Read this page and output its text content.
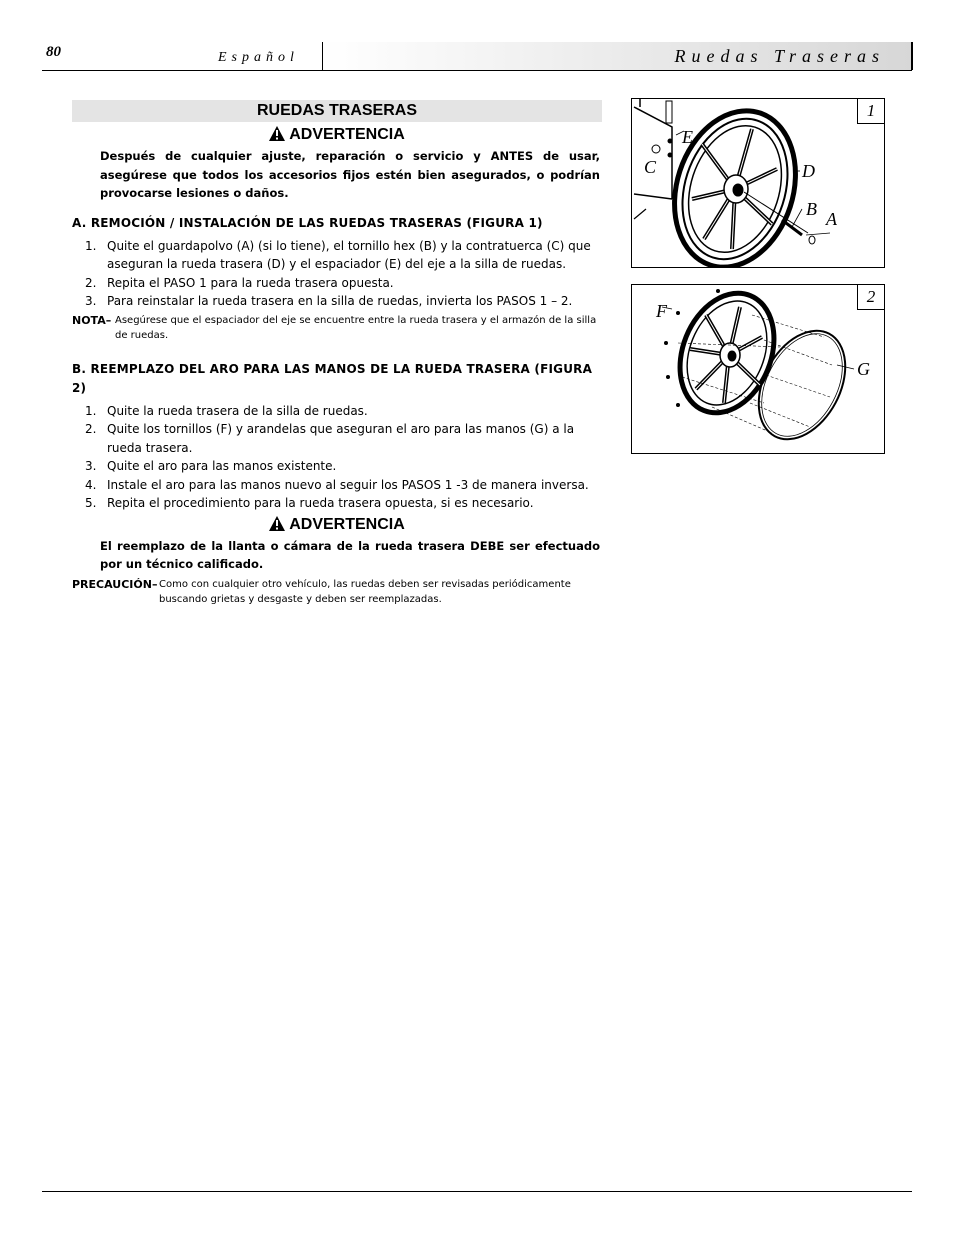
80	Español	Ruedas Traseras
RUEDAS TRASERAS
ADVERTENCIA
Después de cualquier ajuste, reparación o servicio y ANTES de usar, asegúrese que todos los accesorios fijos estén bien asegurados, o podrían provocarse lesiones o daños.
A. REMOCIÓN / INSTALACIÓN DE LAS RUEDAS TRASERAS (FIGURA 1)
1. Quite el guardapolvo (A) (si lo tiene), el tornillo hex (B) y la contratuerca (C) que aseguran la rueda trasera (D) y el espaciador (E) del eje a la silla de ruedas.
2. Repita el PASO 1 para la rueda trasera opuesta.
3. Para reinstalar la rueda trasera en la silla de ruedas, invierta los PASOS 1 – 2.
NOTA– Asegúrese que el espaciador del eje se encuentre entre la rueda trasera y el armazón de la silla de ruedas.
B. REEMPLAZO DEL ARO PARA LAS MANOS DE LA RUEDA TRASERA (FIGURA 2)
1. Quite la rueda trasera de la silla de ruedas.
2. Quite los tornillos (F) y arandelas que aseguran el aro para las manos (G) a la rueda trasera.
3. Quite el aro para las manos existente.
4. Instale el aro para las manos nuevo al seguir los PASOS 1 -3 de manera inversa.
5. Repita el procedimiento para la rueda trasera opuesta, si es necesario.
ADVERTENCIA
El reemplazo de la llanta o cámara de la rueda trasera DEBE ser efectuado por un técnico calificado.
PRECAUCIÓN– Como con cualquier otro vehículo, las ruedas deben ser revisadas periódicamente buscando grietas y desgaste y deben ser reemplazadas.
E
C	D
B A
1
F
G
2
